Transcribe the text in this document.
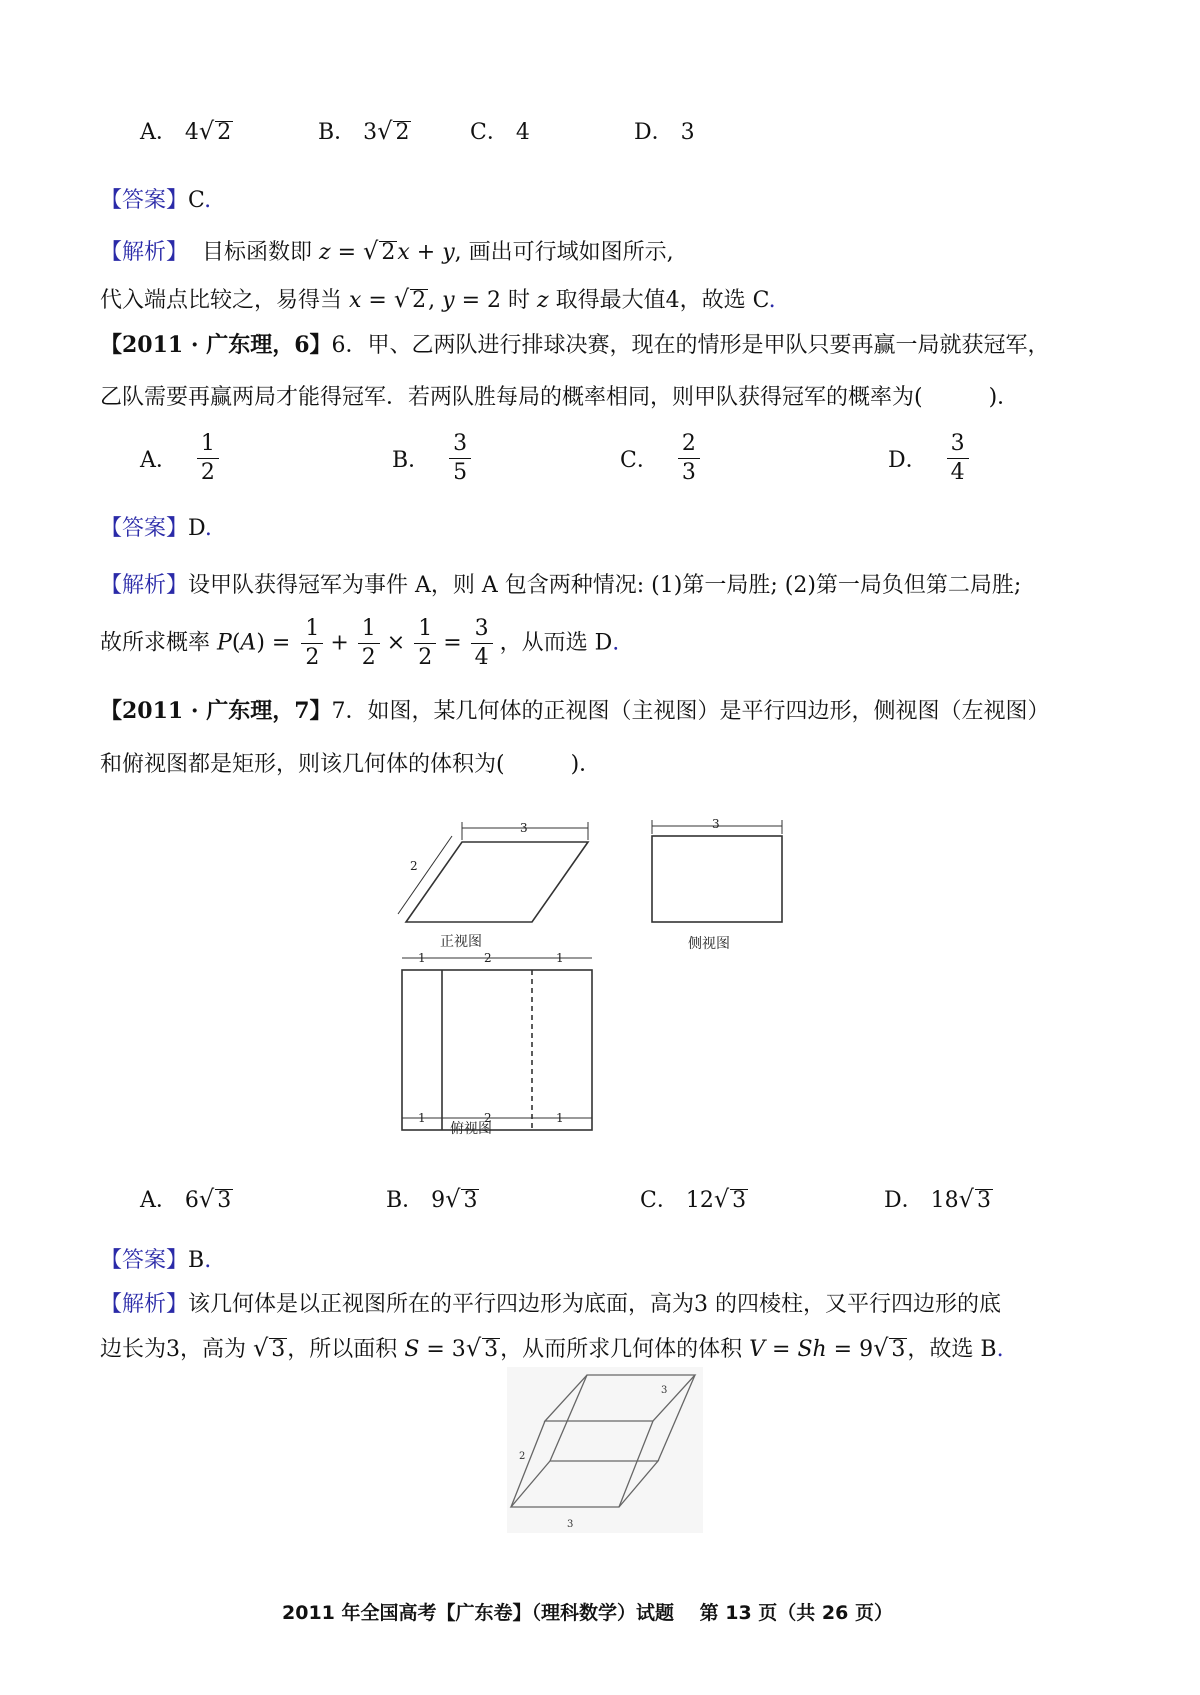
A． 4√ 2	B． 3√ 2	C． 4	D． 3
【答案】C.
【解析】 目标函数即 z = √ 2x + y, 画出可行域如图所示,
代入端点比较之，易得当 x = √ 2, y = 2 时 z 取得最大值4，故选 C.
【2011 · 广东理，6】6．甲、乙两队进行排球决赛，现在的情形是甲队只要再赢一局就获冠军，
乙队需要再赢两局才能得冠军．若两队胜每局的概率相同，则甲队获得冠军的概率为(　　　)．
A． $\frac{1}{2}$	B． $\frac{3}{5}$	C． $\frac{2}{3}$	D． $\frac{3}{4}$
【答案】D.
【解析】设甲队获得冠军为事件 A，则 A 包含两种情况: (1)第一局胜; (2)第一局负但第二局胜;
故所求概率 $P(A) = \frac{1}{2} + \frac{1}{2} \times \frac{1}{2} = \frac{3}{4}$ ，从而选 D.
【2011 · 广东理，7】7．如图，某几何体的正视图（主视图）是平行四边形，侧视图（左视图）
和俯视图都是矩形，则该几何体的体积为(　　　)．
3
2
3
1	2	1
1	2	1
正视图	侧视图
俯视图
A． 6√ 3	B． 9√ 3	C． 12√ 3	D． 18√ 3
【答案】B.
【解析】该几何体是以正视图所在的平行四边形为底面，高为3 的四棱柱，又平行四边形的底
边长为3，高为 √ 3，所以面积 S = 3√ 3，从而所求几何体的体积 V = Sh = 9√ 3，故选 B.
3
2
3
2011 年全国高考【广东卷】（理科数学）试题　 第 13 页（共 26 页）
